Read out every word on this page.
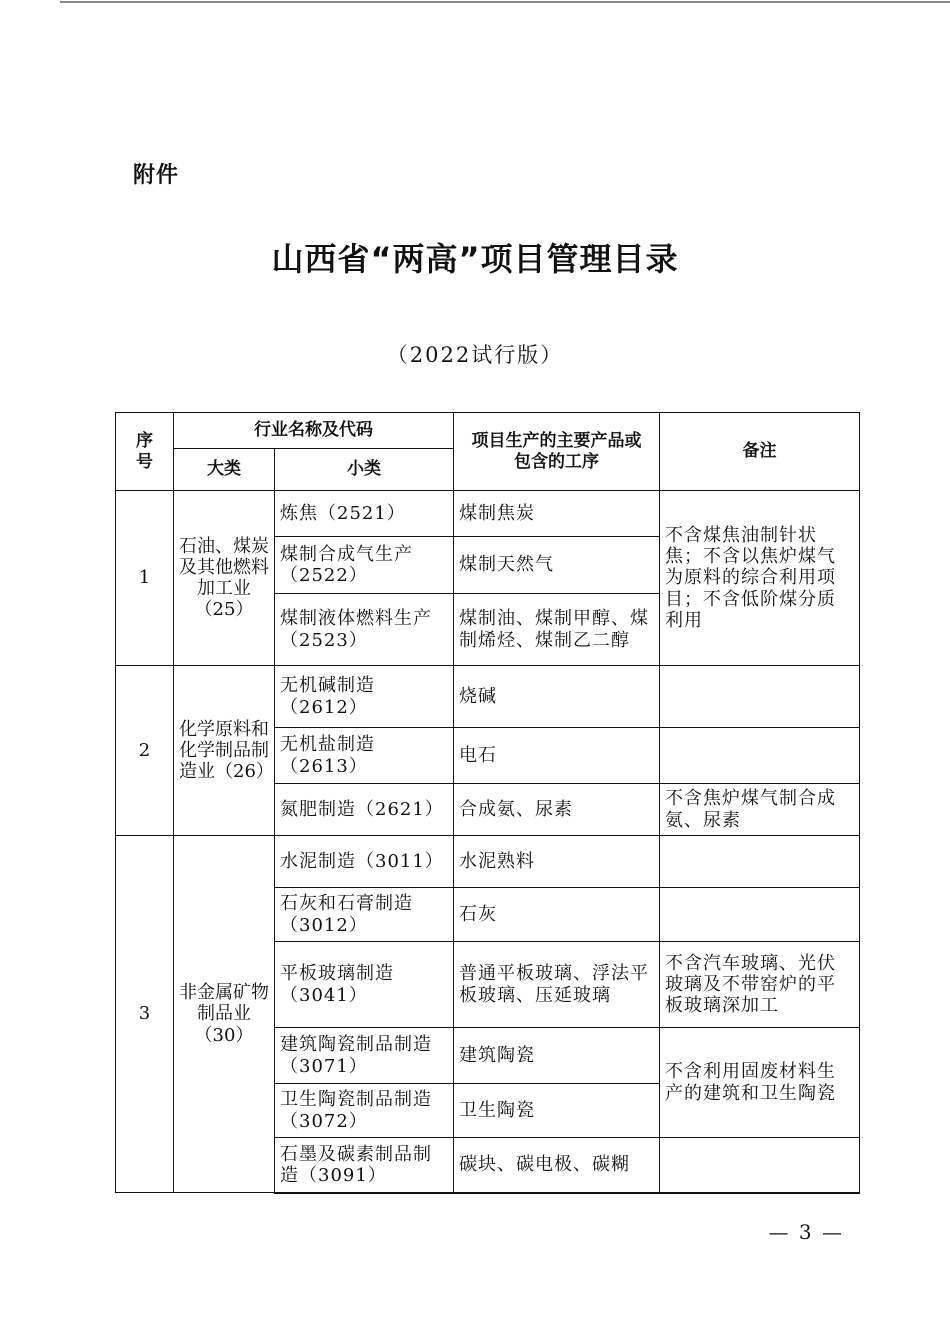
附件
山西省“两高”项目管理目录
（2022试行版）
序号	行业名称及代码		项目生产的主要产品或包含的工序	备注
	大类	小类		
1	石油、煤炭及其他燃料加工业（25）	炼焦（2521）	煤制焦炭	不含煤焦油制针状焦；不含以焦炉煤气为原料的综合利用项目；不含低阶煤分质利用
		煤制合成气生产（2522）	煤制天然气	
		煤制液体燃料生产（2523）	煤制油、煤制甲醇、煤制烯烃、煤制乙二醇	
2	化学原料和化学制品制造业（26）	无机碱制造（2612）	烧碱	
		无机盐制造（2613）	电石	
		氮肥制造（2621）	合成氨、尿素	不含焦炉煤气制合成氨、尿素
3	非金属矿物制品业（30）	水泥制造（3011）	水泥熟料	
		石灰和石膏制造（3012）	石灰	
		平板玻璃制造（3041）	普通平板玻璃、浮法平板玻璃、压延玻璃	不含汽车玻璃、光伏玻璃及不带窑炉的平板玻璃深加工
		建筑陶瓷制品制造（3071）	建筑陶瓷	不含利用固废材料生产的建筑和卫生陶瓷
		卫生陶瓷制品制造（3072）	卫生陶瓷	
		石墨及碳素制品制造（3091）	碳块、碳电极、碳糊	
— 3 —
